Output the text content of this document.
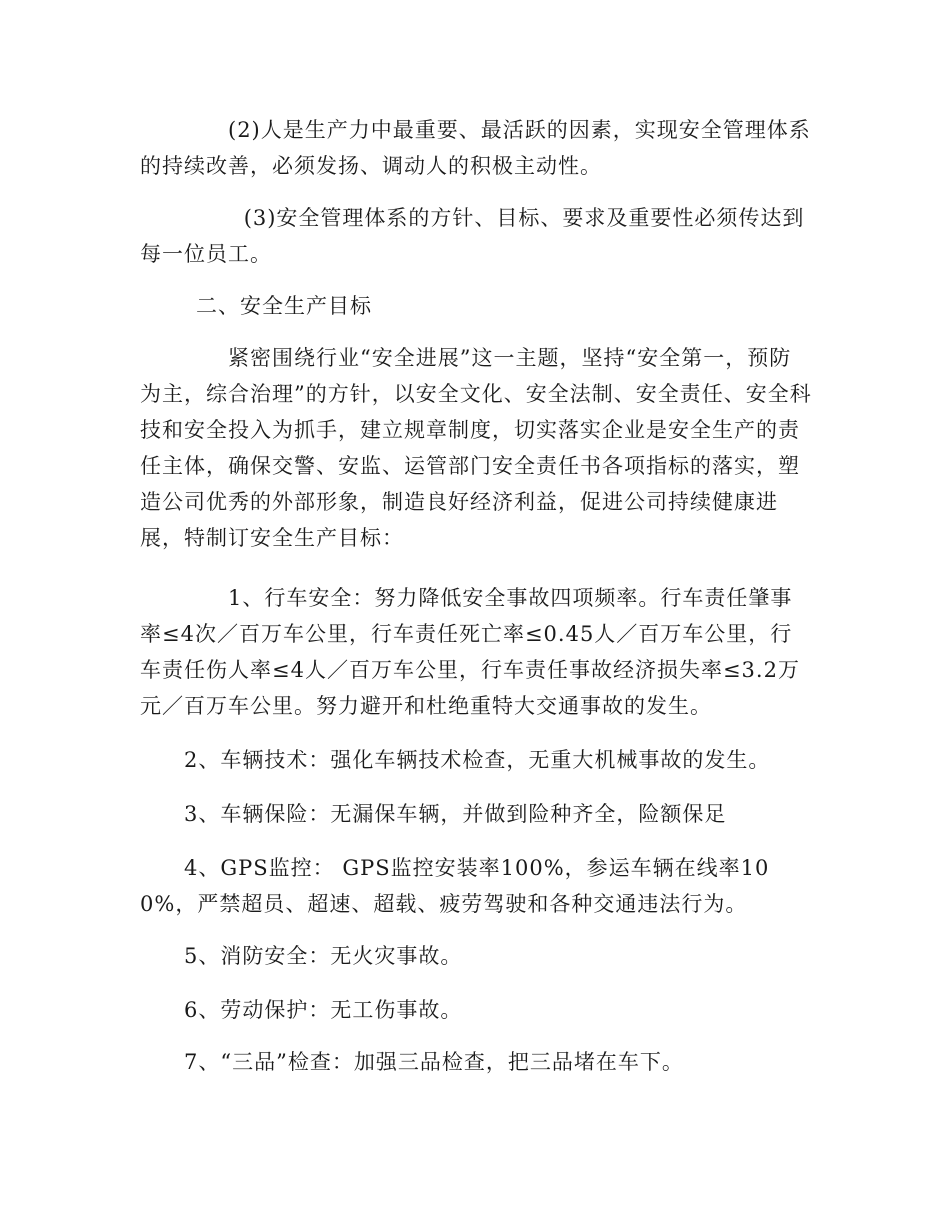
(2)人是生产力中最重要、最活跃的因素，实现安全管理体系的持续改善，必须发扬、调动人的积极主动性。

(3)安全管理体系的方针、目标、要求及重要性必须传达到每一位员工。

二、安全生产目标

紧密围绕行业“安全进展”这一主题，坚持“安全第一，预防为主，综合治理”的方针，以安全文化、安全法制、安全责任、安全科技和安全投入为抓手，建立规章制度，切实落实企业是安全生产的责任主体，确保交警、安监、运管部门安全责任书各项指标的落实，塑造公司优秀的外部形象，制造良好经济利益，促进公司持续健康进展，特制订安全生产目标：

1、行车安全：努力降低安全事故四项频率。行车责任肇事率≤4次／百万车公里，行车责任死亡率≤0.45人／百万车公里，行车责任伤人率≤4人／百万车公里，行车责任事故经济损失率≤3.2万元／百万车公里。努力避开和杜绝重特大交通事故的发生。

2、车辆技术：强化车辆技术检查，无重大机械事故的发生。

3、车辆保险：无漏保车辆，并做到险种齐全，险额保足

4、GPS监控： GPS监控安装率100%，参运车辆在线率100%，严禁超员、超速、超载、疲劳驾驶和各种交通违法行为。

5、消防安全：无火灾事故。

6、劳动保护：无工伤事故。

7、“三品”检查：加强三品检查，把三品堵在车下。
